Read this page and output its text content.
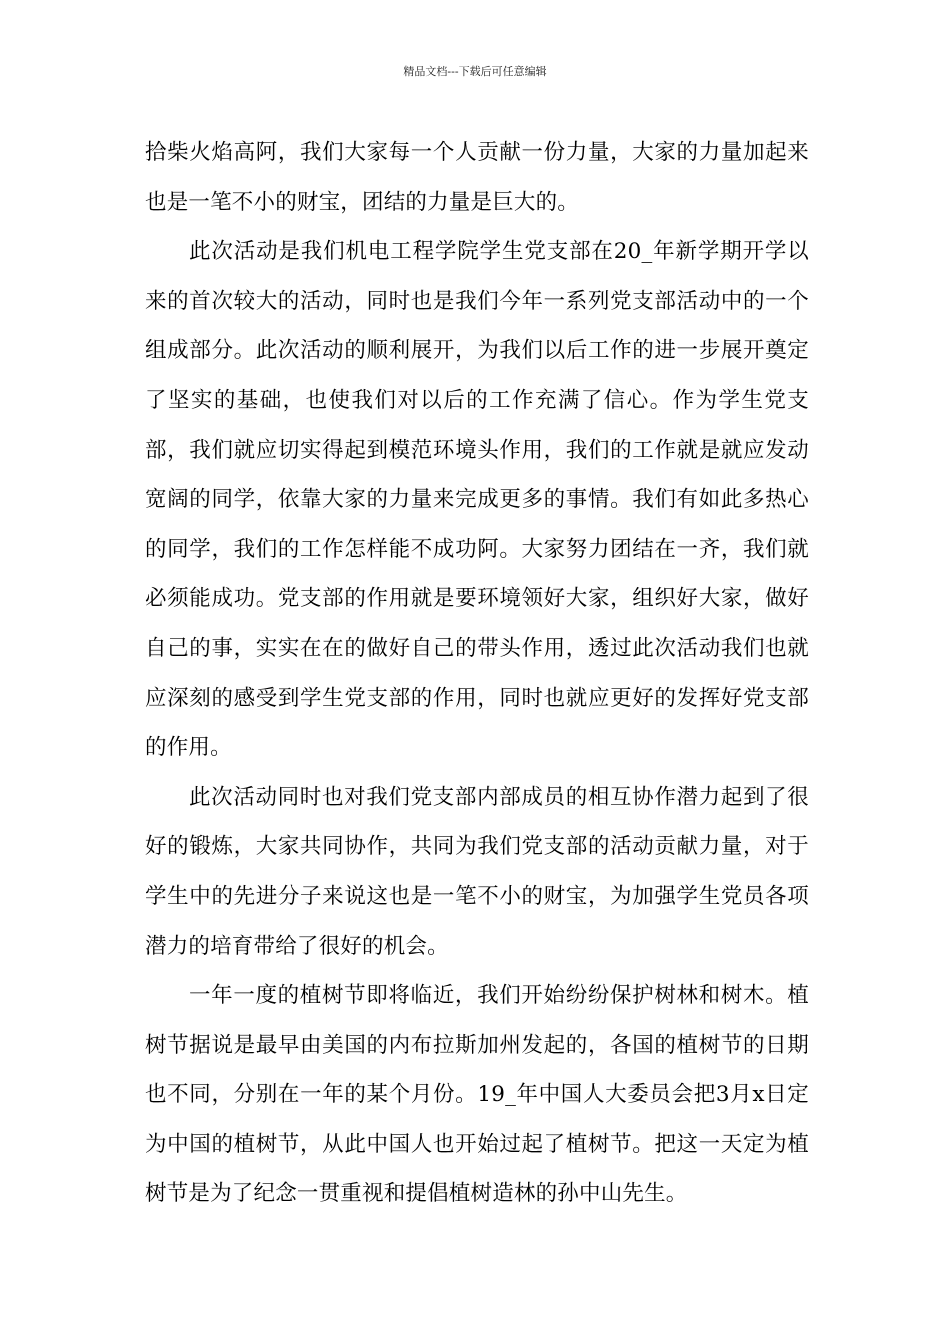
精品文档---下载后可任意编辑

拾柴火焰高阿，我们大家每一个人贡献一份力量，大家的力量加起来也是一笔不小的财宝，团结的力量是巨大的。

此次活动是我们机电工程学院学生党支部在20_年新学期开学以来的首次较大的活动，同时也是我们今年一系列党支部活动中的一个组成部分。此次活动的顺利展开，为我们以后工作的进一步展开奠定了坚实的基础，也使我们对以后的工作充满了信心。作为学生党支部，我们就应切实得起到模范环境头作用，我们的工作就是就应发动宽阔的同学，依靠大家的力量来完成更多的事情。我们有如此多热心的同学，我们的工作怎样能不成功阿。大家努力团结在一齐，我们就必须能成功。党支部的作用就是要环境领好大家，组织好大家，做好自己的事，实实在在的做好自己的带头作用，透过此次活动我们也就应深刻的感受到学生党支部的作用，同时也就应更好的发挥好党支部的作用。

此次活动同时也对我们党支部内部成员的相互协作潜力起到了很好的锻炼，大家共同协作，共同为我们党支部的活动贡献力量，对于学生中的先进分子来说这也是一笔不小的财宝，为加强学生党员各项潜力的培育带给了很好的机会。

一年一度的植树节即将临近，我们开始纷纷保护树林和树木。植树节据说是最早由美国的内布拉斯加州发起的，各国的植树节的日期也不同，分别在一年的某个月份。19_年中国人大委员会把3月x日定为中国的植树节，从此中国人也开始过起了植树节。把这一天定为植树节是为了纪念一贯重视和提倡植树造林的孙中山先生。
